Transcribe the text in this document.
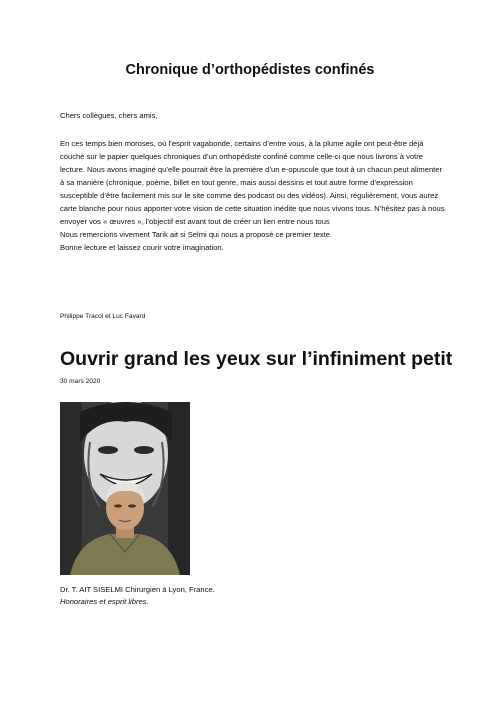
Chronique d’orthopédistes confinés
Chers collègues, chers amis,

En ces temps bien moroses, où l’esprit vagabonde, certains d’entre vous, à la plume agile ont peut-être déjà couché sur le papier quelques chroniques d’un orthopédiste confiné comme celle-ci que nous livrons à votre lecture. Nous avons imaginé qu’elle pourrait être la première d’un e-opuscule que tout à un chacun peut alimenter à sa manière (chronique, poème, billet en tout genre, mais aussi dessins et tout autre forme d’expression susceptible d’être facilement mis sur le site comme des podcast ou des vidéos). Ainsi, régulièrement, vous aurez carte blanche pour nous apporter votre vision de cette situation inédite que nous vivons tous. N’hésitez pas à nous envoyer vos « œuvres », l’objectif est avant tout de créer un lien entre nous tous

Nous remercions vivement Tarik ait si Selmi qui nous a proposé ce premier texte.

Bonne lecture et laissez courir votre imagination.

Philippe Tracol et Luc Favard
Ouvrir grand les yeux sur l’infiniment petit
30 mars 2020
Dr. T. AIT SISELMI Chirurgien à Lyon, France.
Honoraires et esprit libres.
